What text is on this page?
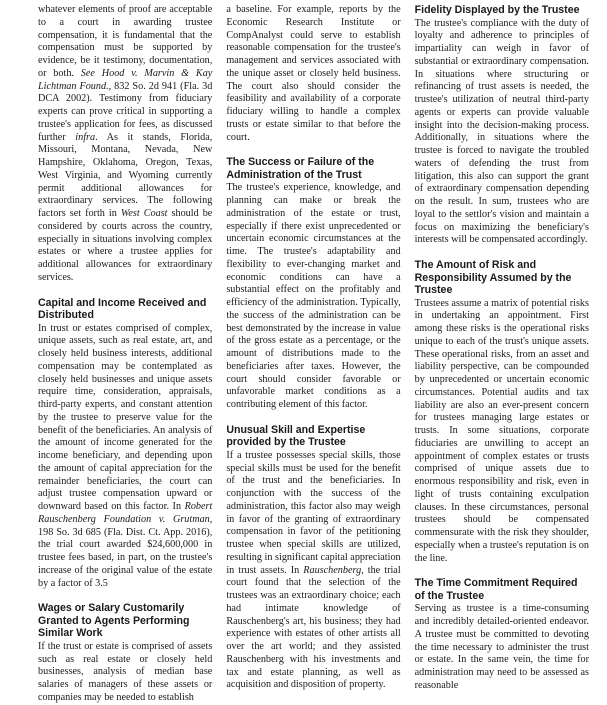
whatever elements of proof are acceptable to a court in awarding trustee compensation, it is fundamental that the compensation must be supported by evidence, be it testimony, documentation, or both. See Hood v. Marvin & Kay Lichtman Found., 832 So. 2d 941 (Fla. 3d DCA 2002). Testimony from fiduciary experts can prove critical in supporting a trustee's application for fees, as discussed further infra. As it stands, Florida, Missouri, Montana, Nevada, New Hampshire, Oklahoma, Oregon, Texas, West Virginia, and Wyoming currently permit additional allowances for extraordinary services. The following factors set forth in West Coast should be considered by courts across the country, especially in situations involving complex estates or where a trustee applies for additional allowances for extraordinary services.

Capital and Income Received and Distributed

In trust or estates comprised of complex, unique assets, such as real estate, art, and closely held business interests, additional compensation may be contemplated as closely held businesses and unique assets require time, consideration, appraisals, third-party experts, and constant attention by the trustee to preserve value for the benefit of the beneficiaries. An analysis of the amount of income generated for the income beneficiary, and depending upon the amount of capital appreciation for the remainder beneficiaries, the court can adjust trustee compensation upward or downward based on this factor. In Robert Rauschenberg Foundation v. Grutman, 198 So. 3d 685 (Fla. Dist. Ct. App. 2016), the trial court awarded $24,600,000 in trustee fees based, in part, on the trustee's increase of the original value of the estate by a factor of 3.5

Wages or Salary Customarily Granted to Agents Performing Similar Work

If the trust or estate is comprised of assets such as real estate or closely held businesses, analysis of median base salaries of managers of these assets or companies may be needed to establish

a baseline. For example, reports by the Economic Research Institute or CompAnalyst could serve to establish reasonable compensation for the trustee's management and services associated with the unique asset or closely held business. The court also should consider the feasibility and availability of a corporate fiduciary willing to handle a complex trusts or estate similar to that before the court.

The Success or Failure of the Administration of the Trust

The trustee's experience, knowledge, and planning can make or break the administration of the estate or trust, especially if there exist unprecedented or uncertain economic circumstances at the time. The trustee's adaptability and flexibility to ever-changing market and economic conditions can have a substantial effect on the profitably and efficiency of the administration. Typically, the success of the administration can be best demonstrated by the increase in value of the gross estate as a percentage, or the amount of distributions made to the beneficiaries after taxes. However, the court should consider favorable or unfavorable market conditions as a contributing element of this factor.

Unusual Skill and Expertise provided by the Trustee

If a trustee possesses special skills, those special skills must be used for the benefit of the trust and the beneficiaries. In conjunction with the success of the administration, this factor also may weigh in favor of the granting of extraordinary compensation in favor of the petitioning trustee when special skills are utilized, resulting in significant capital appreciation in trust assets. In Rauschenberg, the trial court found that the selection of the trustees was an extraordinary choice; each had intimate knowledge of Rauschenberg's art, his business; they had experience with estates of other artists all over the art world; and they assisted Rauschenberg with his investments and tax and estate planning, as well as acquisition and disposition of property.

Fidelity Displayed by the Trustee

The trustee's compliance with the duty of loyalty and adherence to principles of impartiality can weigh in favor of substantial or extraordinary compensation. In situations where structuring or refinancing of trust assets is needed, the trustee's utilization of neutral third-party agents or experts can provide valuable insight into the decision-making process. Additionally, in situations where the trustee is forced to navigate the troubled waters of defending the trust from litigation, this also can support the grant of extraordinary compensation depending on the result. In sum, trustees who are loyal to the settlor's vision and maintain a focus on maximizing the beneficiary's interests will be compensated accordingly.

The Amount of Risk and Responsibility Assumed by the Trustee

Trustees assume a matrix of potential risks in undertaking an appointment. First among these risks is the operational risks unique to each of the trust's unique assets. These operational risks, from an asset and liability perspective, can be compounded by unprecedented or uncertain economic circumstances. Potential audits and tax liability are also an ever-present concern for trustees managing large estates or trusts. In some situations, corporate fiduciaries are unwilling to accept an appointment of complex estates or trusts comprised of unique assets due to enormous responsibility and risk, even in light of trusts containing exculpation clauses. In these circumstances, personal trustees should be compensated commensurate with the risk they shoulder, especially when a trustee's reputation is on the line.

The Time Commitment Required of the Trustee

Serving as trustee is a time-consuming and incredibly detailed-oriented endeavor. A trustee must be committed to devoting the time necessary to administer the trust or estate. In the same vein, the time for administration may need to be assessed as reasonable
